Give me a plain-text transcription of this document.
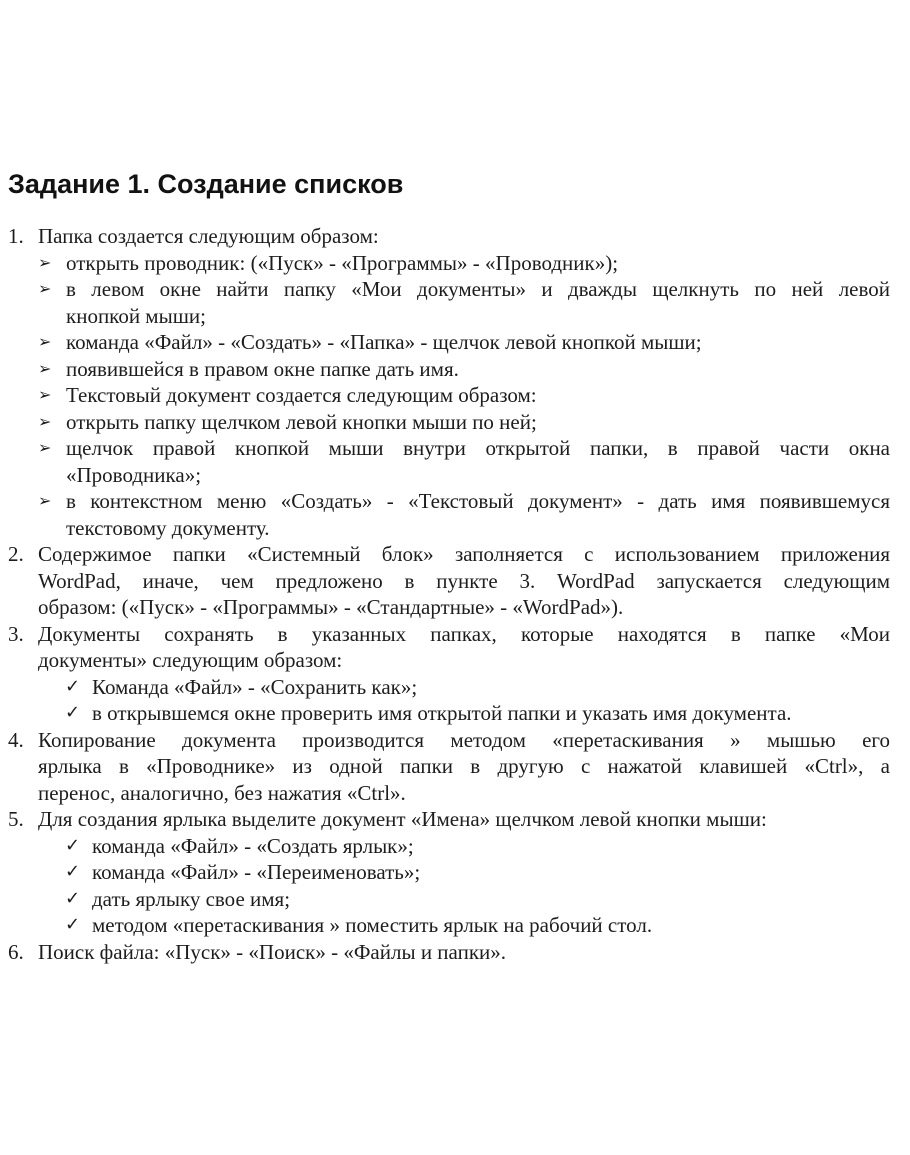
Задание 1. Создание списков
1. Папка создается следующим образом:
➢ открыть проводник: («Пуск» - «Программы» - «Проводник»);
➢ в левом окне найти папку «Мои документы» и дважды щелкнуть по ней левой
кнопкой мыши;
➢ команда «Файл» - «Создать» - «Папка» - щелчок левой кнопкой мыши;
➢ появившейся в правом окне папке дать имя.
➢ Текстовый документ создается следующим образом:
➢ открыть папку щелчком левой кнопки мыши по ней;
➢ щелчок правой кнопкой мыши внутри открытой папки, в правой части окна
«Проводника»;
➢ в контекстном меню «Создать» - «Текстовый документ» - дать имя появившемуся
текстовому документу.
2. Содержимое папки «Системный блок» заполняется с использованием приложения
WordPad, иначе, чем предложено в пункте 3. WordPad запускается следующим
образом: («Пуск» - «Программы» - «Стандартные» - «WordPad»).
3. Документы сохранять в указанных папках, которые находятся в папке «Мои
документы» следующим образом:
✓ Команда «Файл» - «Сохранить как»;
✓ в открывшемся окне проверить имя открытой папки и указать имя документа.
4. Копирование документа производится методом «перетаскивания » мышью его
ярлыка в «Проводнике» из одной папки в другую с нажатой клавишей «Ctrl», а
перенос, аналогично, без нажатия «Ctrl».
5. Для создания ярлыка выделите документ «Имена» щелчком левой кнопки мыши:
✓ команда «Файл» - «Создать ярлык»;
✓ команда «Файл» - «Переименовать»;
✓ дать ярлыку свое имя;
✓ методом «перетаскивания » поместить ярлык на рабочий стол.
6. Поиск файла: «Пуск» - «Поиск» - «Файлы и папки».
